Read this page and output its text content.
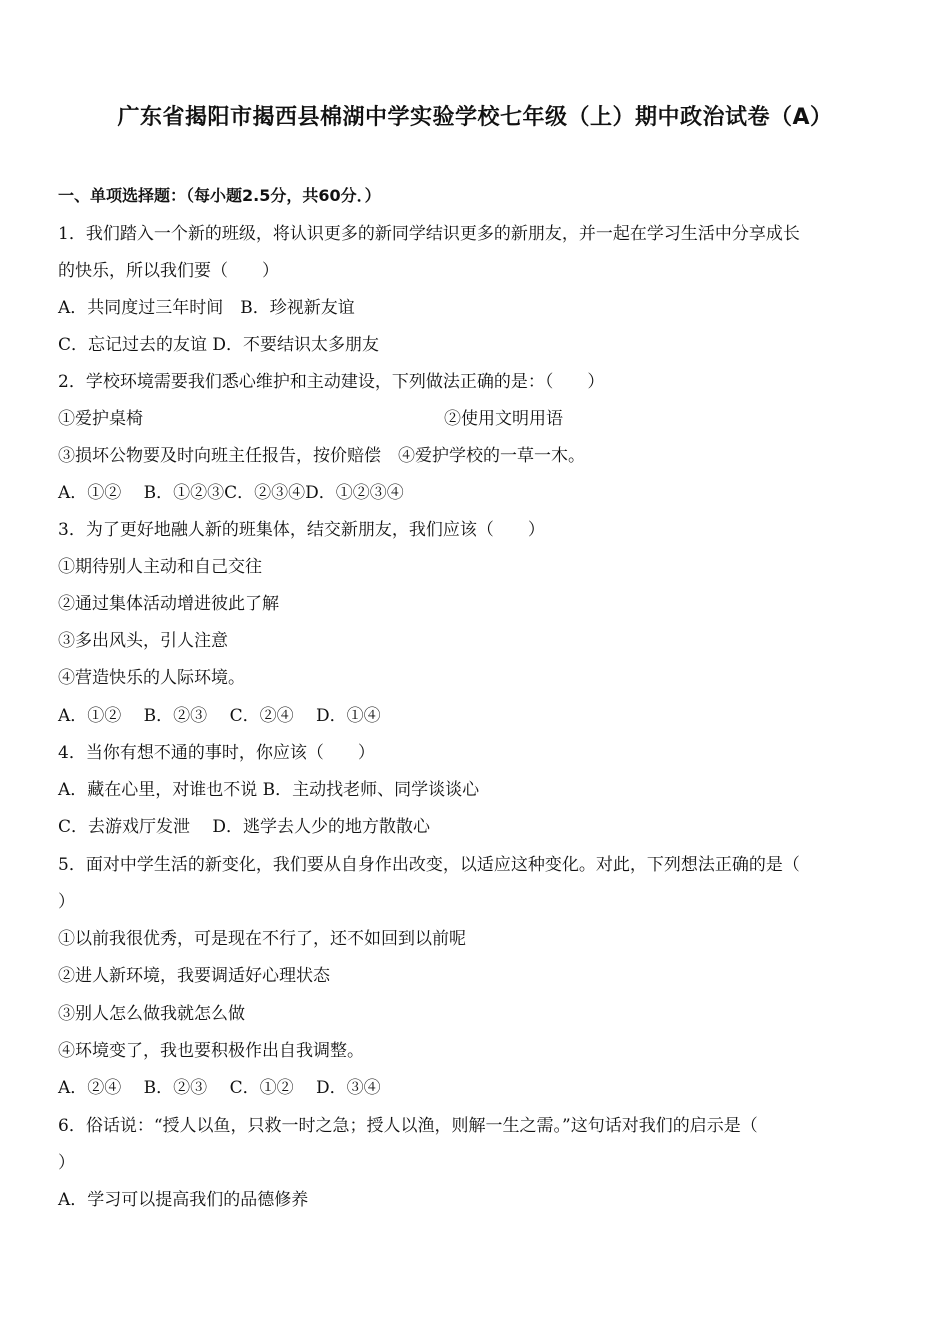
广东省揭阳市揭西县棉湖中学实验学校七年级（上）期中政治试卷（A）
一、单项选择题：（每小题2.5分，共60分．）
1．我们踏入一个新的班级，将认识更多的新同学结识更多的新朋友，并一起在学习生活中分享成长
的快乐，所以我们要（　　）
A．共同度过三年时间　B．珍视新友谊
C．忘记过去的友谊 D．不要结识太多朋友
2．学校环境需要我们悉心维护和主动建设，下列做法正确的是：（　　）
①爱护桌椅	②使用文明用语
③损坏公物要及时向班主任报告，按价赔偿　④爱护学校的一草一木。
A．①②　 B．①②③C．②③④D．①②③④
3．为了更好地融人新的班集体，结交新朋友，我们应该（　　）
①期待别人主动和自己交往
②通过集体活动增进彼此了解
③多出风头，引人注意
④营造快乐的人际环境。
A．①②　 B．②③　 C．②④　 D．①④
4．当你有想不通的事时，你应该（　　）
A．藏在心里，对谁也不说 B．主动找老师、同学谈谈心
C．去游戏厅发泄　 D．逃学去人少的地方散散心
5．面对中学生活的新变化，我们要从自身作出改变，以适应这种变化。对此，下列想法正确的是（
）
①以前我很优秀，可是现在不行了，还不如回到以前呢
②进人新环境，我要调适好心理状态
③别人怎么做我就怎么做
④环境变了，我也要积极作出自我调整。
A．②④　 B．②③　 C．①②　 D．③④
6．俗话说：“授人以鱼，只救一时之急；授人以渔，则解一生之需。”这句话对我们的启示是（
）
A．学习可以提高我们的品德修养
